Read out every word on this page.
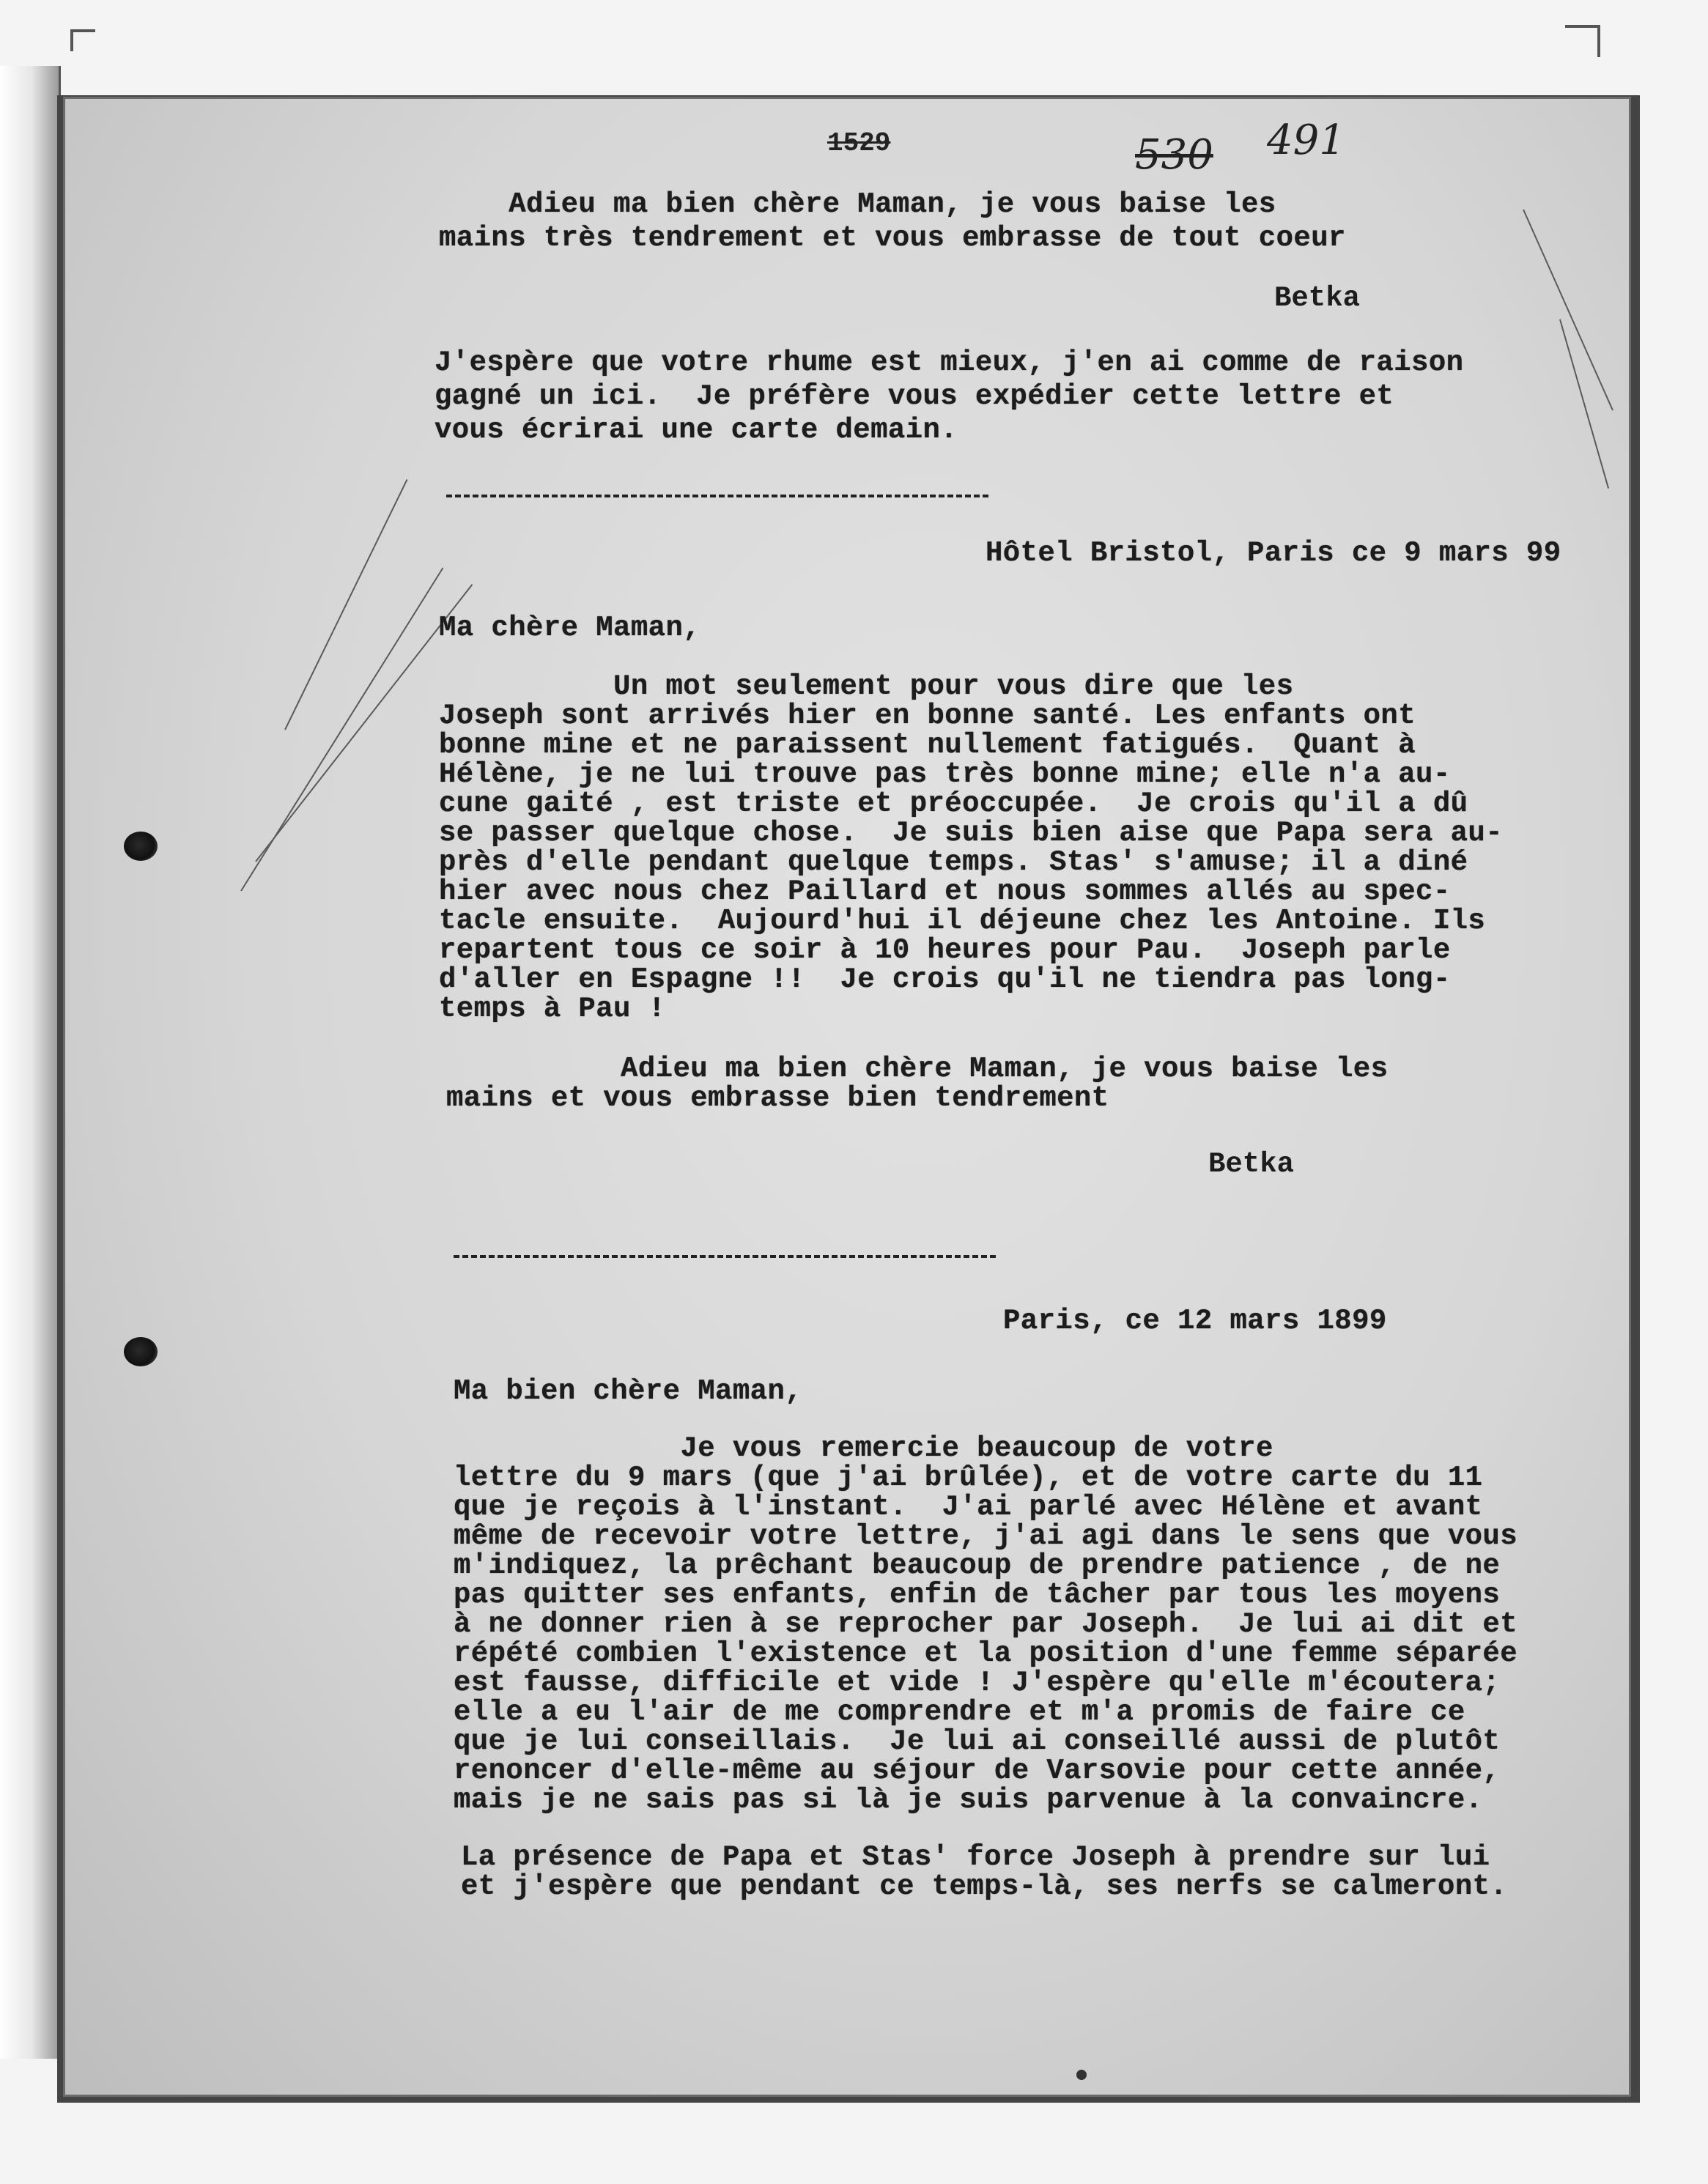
1529	530 491
Adieu ma bien chère Maman, je vous baise les
mains très tendrement et vous embrasse de tout coeur
Betka
J'espère que votre rhume est mieux, j'en ai comme de raison
gagné un ici.  Je préfère vous expédier cette lettre et
vous écrirai une carte demain.
Hôtel Bristol, Paris ce 9 mars 99
Ma chère Maman,
Un mot seulement pour vous dire que les
Joseph sont arrivés hier en bonne santé. Les enfants ont
bonne mine et ne paraissent nullement fatigués.  Quant à
Hélène, je ne lui trouve pas très bonne mine; elle n'a au-
cune gaité , est triste et préoccupée.  Je crois qu'il a dû
se passer quelque chose.  Je suis bien aise que Papa sera au-
près d'elle pendant quelque temps. Stas' s'amuse; il a diné
hier avec nous chez Paillard et nous sommes allés au spec-
tacle ensuite.  Aujourd'hui il déjeune chez les Antoine. Ils
repartent tous ce soir à 10 heures pour Pau.  Joseph parle
d'aller en Espagne !!  Je crois qu'il ne tiendra pas long-
temps à Pau !
Adieu ma bien chère Maman, je vous baise les
mains et vous embrasse bien tendrement
Betka
Paris, ce 12 mars 1899
Ma bien chère Maman,
Je vous remercie beaucoup de votre
lettre du 9 mars (que j'ai brûlée), et de votre carte du 11
que je reçois à l'instant.  J'ai parlé avec Hélène et avant
même de recevoir votre lettre, j'ai agi dans le sens que vous
m'indiquez, la prêchant beaucoup de prendre patience , de ne
pas quitter ses enfants, enfin de tâcher par tous les moyens
à ne donner rien à se reprocher par Joseph.  Je lui ai dit et
répété combien l'existence et la position d'une femme séparée
est fausse, difficile et vide ! J'espère qu'elle m'écoutera;
elle a eu l'air de me comprendre et m'a promis de faire ce
que je lui conseillais.  Je lui ai conseillé aussi de plutôt
renoncer d'elle-même au séjour de Varsovie pour cette année,
mais je ne sais pas si là je suis parvenue à la convaincre.
La présence de Papa et Stas' force Joseph à prendre sur lui
et j'espère que pendant ce temps-là, ses nerfs se calmeront.
